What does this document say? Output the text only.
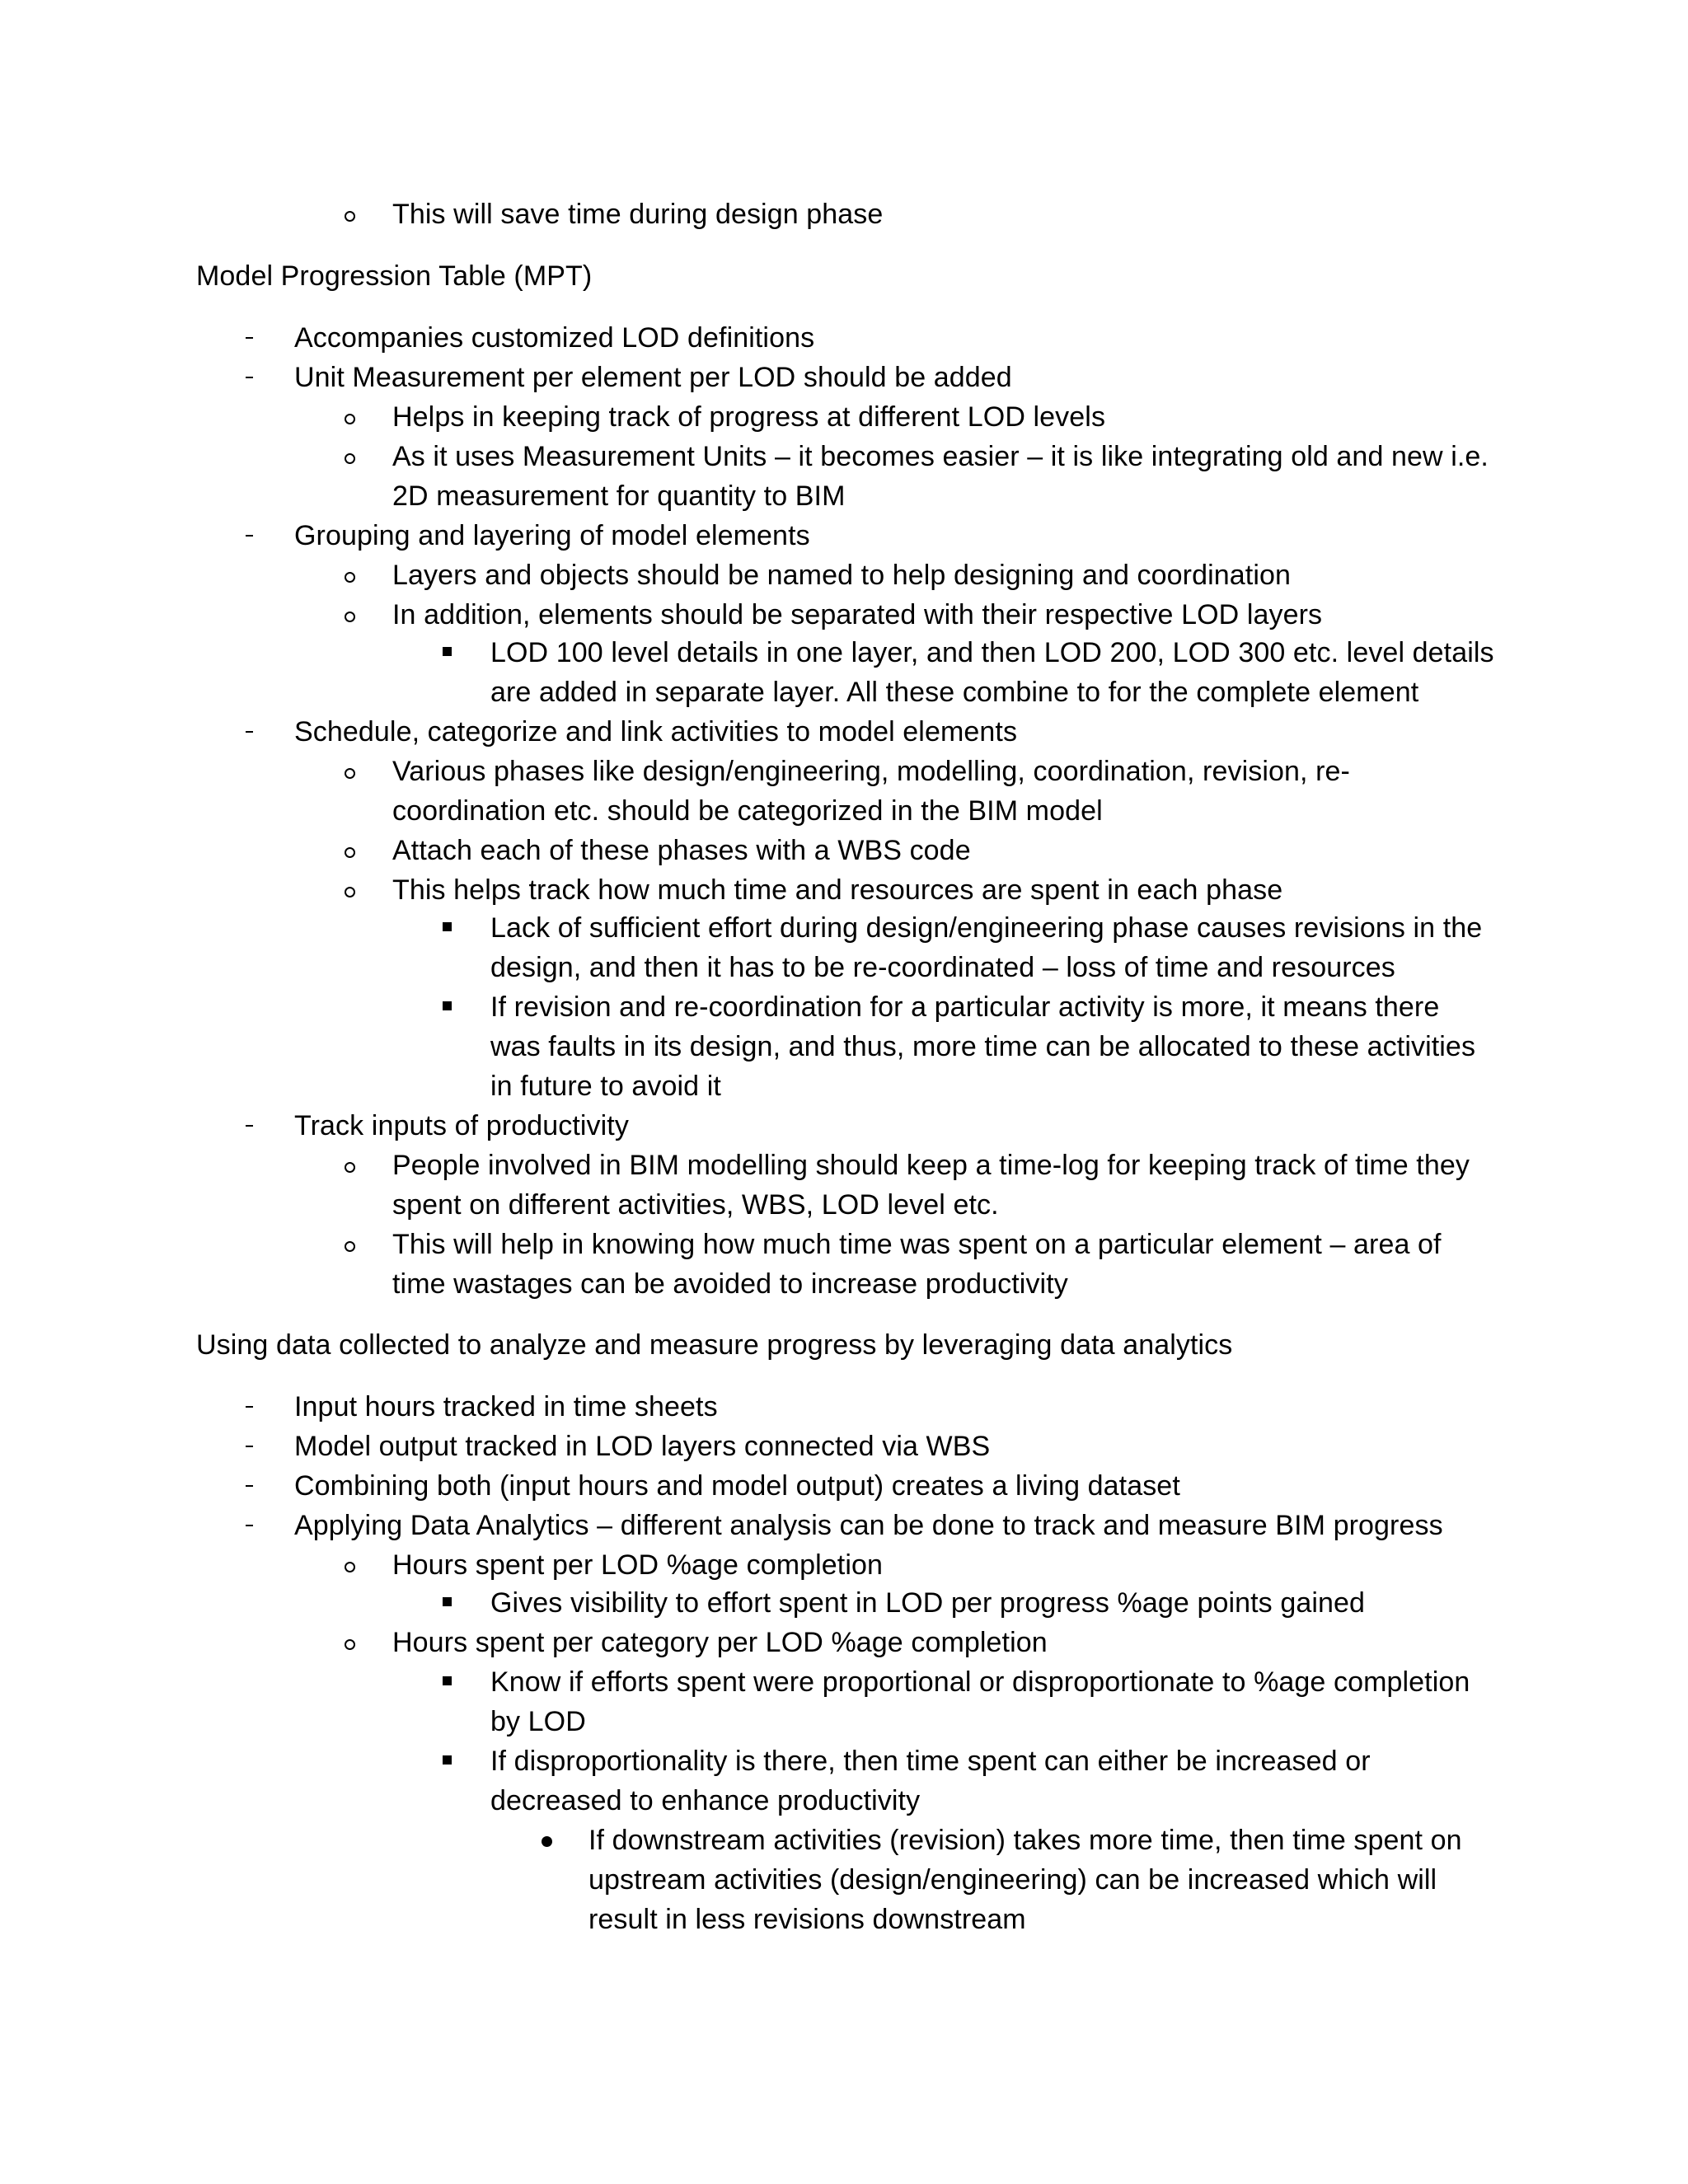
This will save time during design phase
Model Progression Table (MPT)
Accompanies customized LOD definitions
Unit Measurement per element per LOD should be added
Helps in keeping track of progress at different LOD levels
As it uses Measurement Units – it becomes easier – it is like integrating old and new i.e.
2D measurement for quantity to BIM
Grouping and layering of model elements
Layers and objects should be named to help designing and coordination
In addition, elements should be separated with their respective LOD layers
LOD 100 level details in one layer, and then LOD 200, LOD 300 etc. level details
are added in separate layer. All these combine to for the complete element
Schedule, categorize and link activities to model elements
Various phases like design/engineering, modelling, coordination, revision, re-
coordination etc. should be categorized in the BIM model
Attach each of these phases with a WBS code
This helps track how much time and resources are spent in each phase
Lack of sufficient effort during design/engineering phase causes revisions in the
design, and then it has to be re-coordinated – loss of time and resources
If revision and re-coordination for a particular activity is more, it means there
was faults in its design, and thus, more time can be allocated to these activities
in future to avoid it
Track inputs of productivity
People involved in BIM modelling should keep a time-log for keeping track of time they
spent on different activities, WBS, LOD level etc.
This will help in knowing how much time was spent on a particular element – area of
time wastages can be avoided to increase productivity
Using data collected to analyze and measure progress by leveraging data analytics
Input hours tracked in time sheets
Model output tracked in LOD layers connected via WBS
Combining both (input hours and model output) creates a living dataset
Applying Data Analytics – different analysis can be done to track and measure BIM progress
Hours spent per LOD %age completion
Gives visibility to effort spent in LOD per progress %age points gained
Hours spent per category per LOD %age completion
Know if efforts spent were proportional or disproportionate to %age completion
by LOD
If disproportionality is there, then time spent can either be increased or
decreased to enhance productivity
If downstream activities (revision) takes more time, then time spent on
upstream activities (design/engineering) can be increased which will
result in less revisions downstream
